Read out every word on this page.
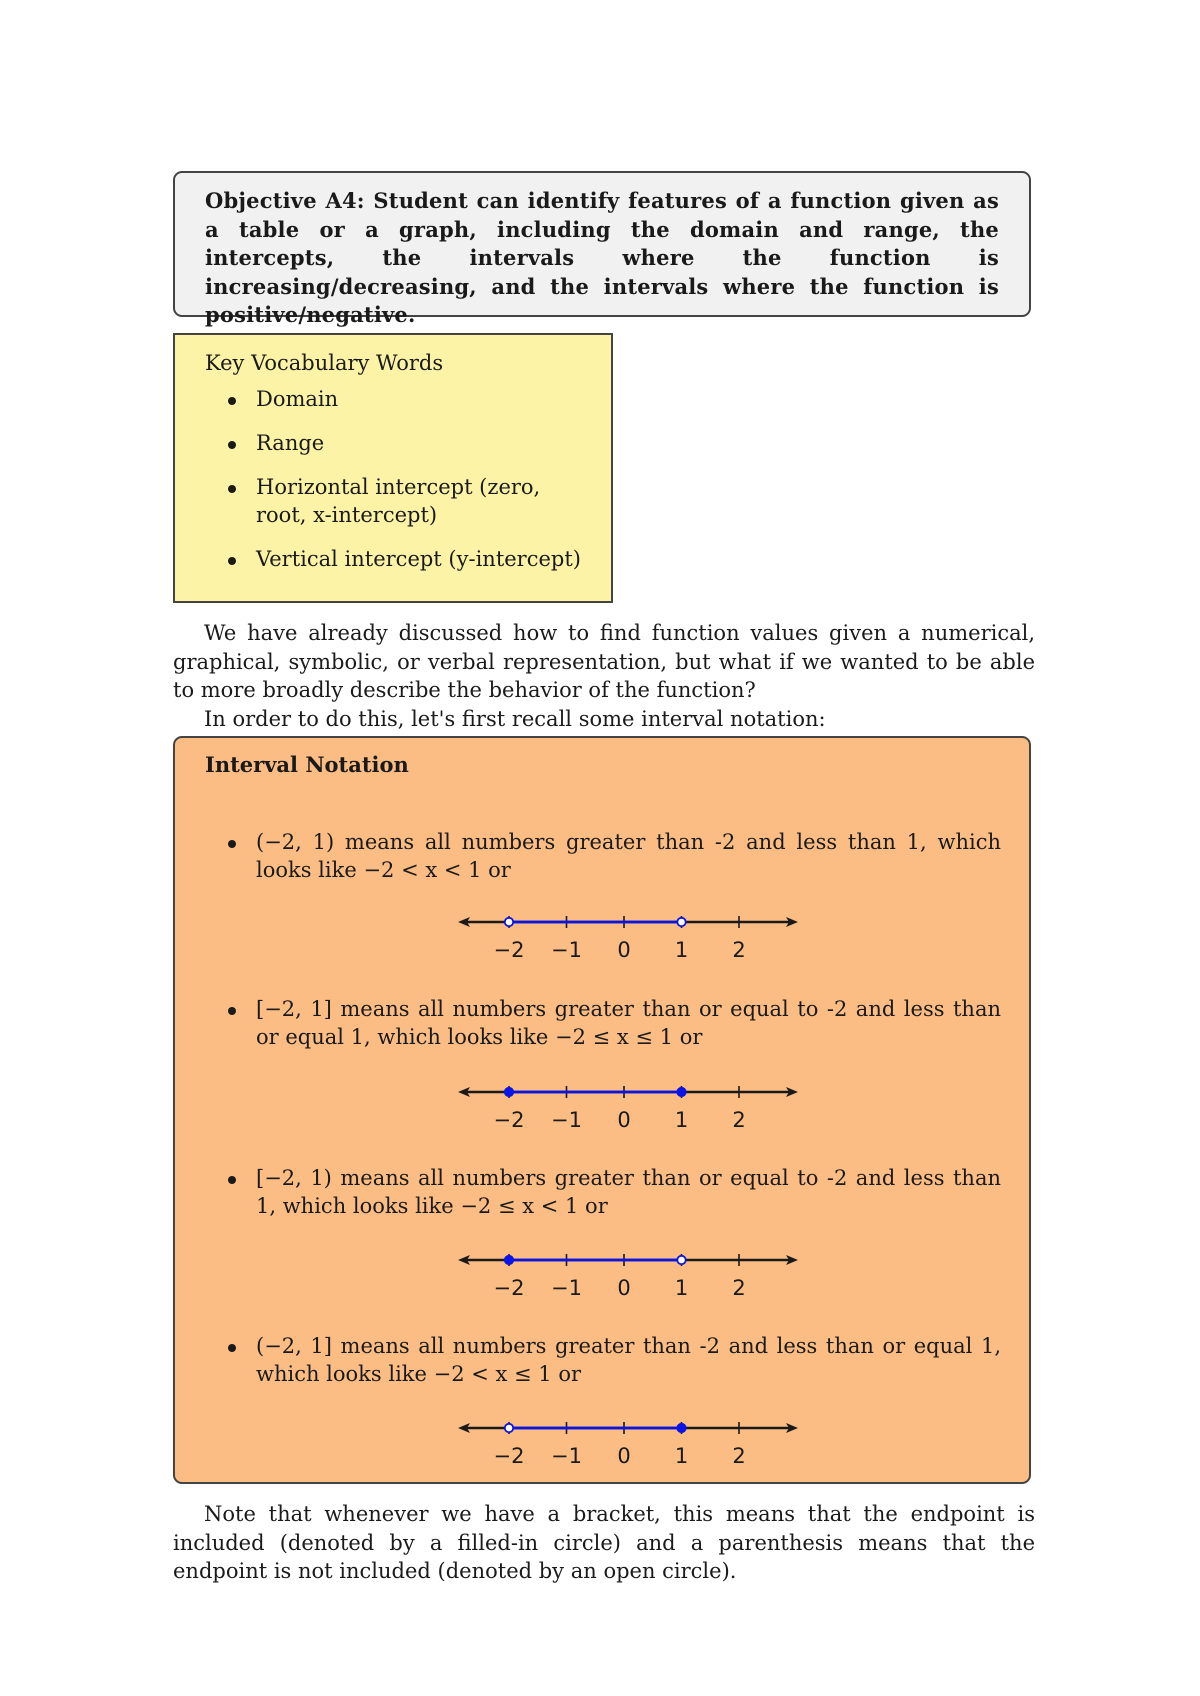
Objective A4: Student can identify features of a function given as a table or a graph, including the domain and range, the intercepts, the intervals where the function is increasing/decreasing, and the intervals where the function is positive/negative.

Key Vocabulary Words

Domain
Range
Horizontal intercept (zero, root, x-intercept)
Vertical intercept (y-intercept)

We have already discussed how to find function values given a numerical, graphical, symbolic, or verbal representation, but what if we wanted to be able to more broadly describe the behavior of the function?

In order to do this, let's first recall some interval notation:

Interval Notation

(−2, 1) means all numbers greater than -2 and less than 1, which looks like −2 < x < 1 or

−2 −1 0 1 2

[−2, 1] means all numbers greater than or equal to -2 and less than or equal 1, which looks like −2 ≤ x ≤ 1 or

−2 −1 0 1 2

[−2, 1) means all numbers greater than or equal to -2 and less than 1, which looks like −2 ≤ x < 1 or

−2 −1 0 1 2

(−2, 1] means all numbers greater than -2 and less than or equal 1, which looks like −2 < x ≤ 1 or

−2 −1 0 1 2

Note that whenever we have a bracket, this means that the endpoint is included (denoted by a filled-in circle) and a parenthesis means that the endpoint is not included (denoted by an open circle).
